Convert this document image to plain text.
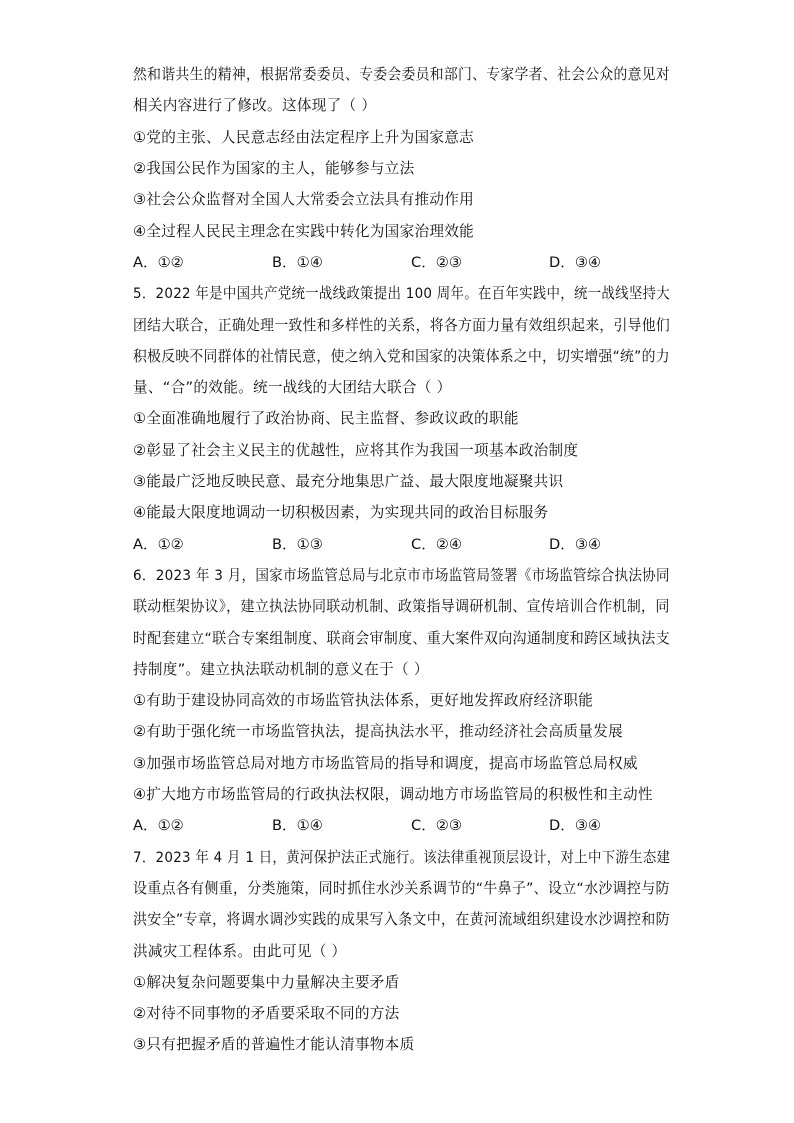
然和谐共生的精神，根据常委委员、专委会委员和部门、专家学者、社会公众的意见对
相关内容进行了修改。这体现了（ ）
①党的主张、人民意志经由法定程序上升为国家意志
②我国公民作为国家的主人，能够参与立法
③社会公众监督对全国人大常委会立法具有推动作用
④全过程人民民主理念在实践中转化为国家治理效能
A．①②	B．①④	C．②③	D．③④
5．2022 年是中国共产党统一战线政策提出 100 周年。在百年实践中，统一战线坚持大
团结大联合，正确处理一致性和多样性的关系，将各方面力量有效组织起来，引导他们
积极反映不同群体的社情民意，使之纳入党和国家的决策体系之中，切实增强“统”的力
量、“合”的效能。统一战线的大团结大联合（ ）
①全面准确地履行了政治协商、民主监督、参政议政的职能
②彰显了社会主义民主的优越性，应将其作为我国一项基本政治制度
③能最广泛地反映民意、最充分地集思广益、最大限度地凝聚共识
④能最大限度地调动一切积极因素，为实现共同的政治目标服务
A．①②	B．①③	C．②④	D．③④
6．2023 年 3 月，国家市场监管总局与北京市市场监管局签署《市场监管综合执法协同
联动框架协议》，建立执法协同联动机制、政策指导调研机制、宣传培训合作机制，同
时配套建立“联合专案组制度、联商会审制度、重大案件双向沟通制度和跨区域执法支
持制度”。建立执法联动机制的意义在于（ ）
①有助于建设协同高效的市场监管执法体系，更好地发挥政府经济职能
②有助于强化统一市场监管执法，提高执法水平，推动经济社会高质量发展
③加强市场监管总局对地方市场监管局的指导和调度，提高市场监管总局权威
④扩大地方市场监管局的行政执法权限，调动地方市场监管局的积极性和主动性
A．①②	B．①④	C．②③	D．③④
7．2023 年 4 月 1 日，黄河保护法正式施行。该法律重视顶层设计，对上中下游生态建
设重点各有侧重，分类施策，同时抓住水沙关系调节的“牛鼻子”、设立“水沙调控与防
洪安全”专章，将调水调沙实践的成果写入条文中，在黄河流域组织建设水沙调控和防
洪减灾工程体系。由此可见（ ）
①解决复杂问题要集中力量解决主要矛盾
②对待不同事物的矛盾要采取不同的方法
③只有把握矛盾的普遍性才能认清事物本质
